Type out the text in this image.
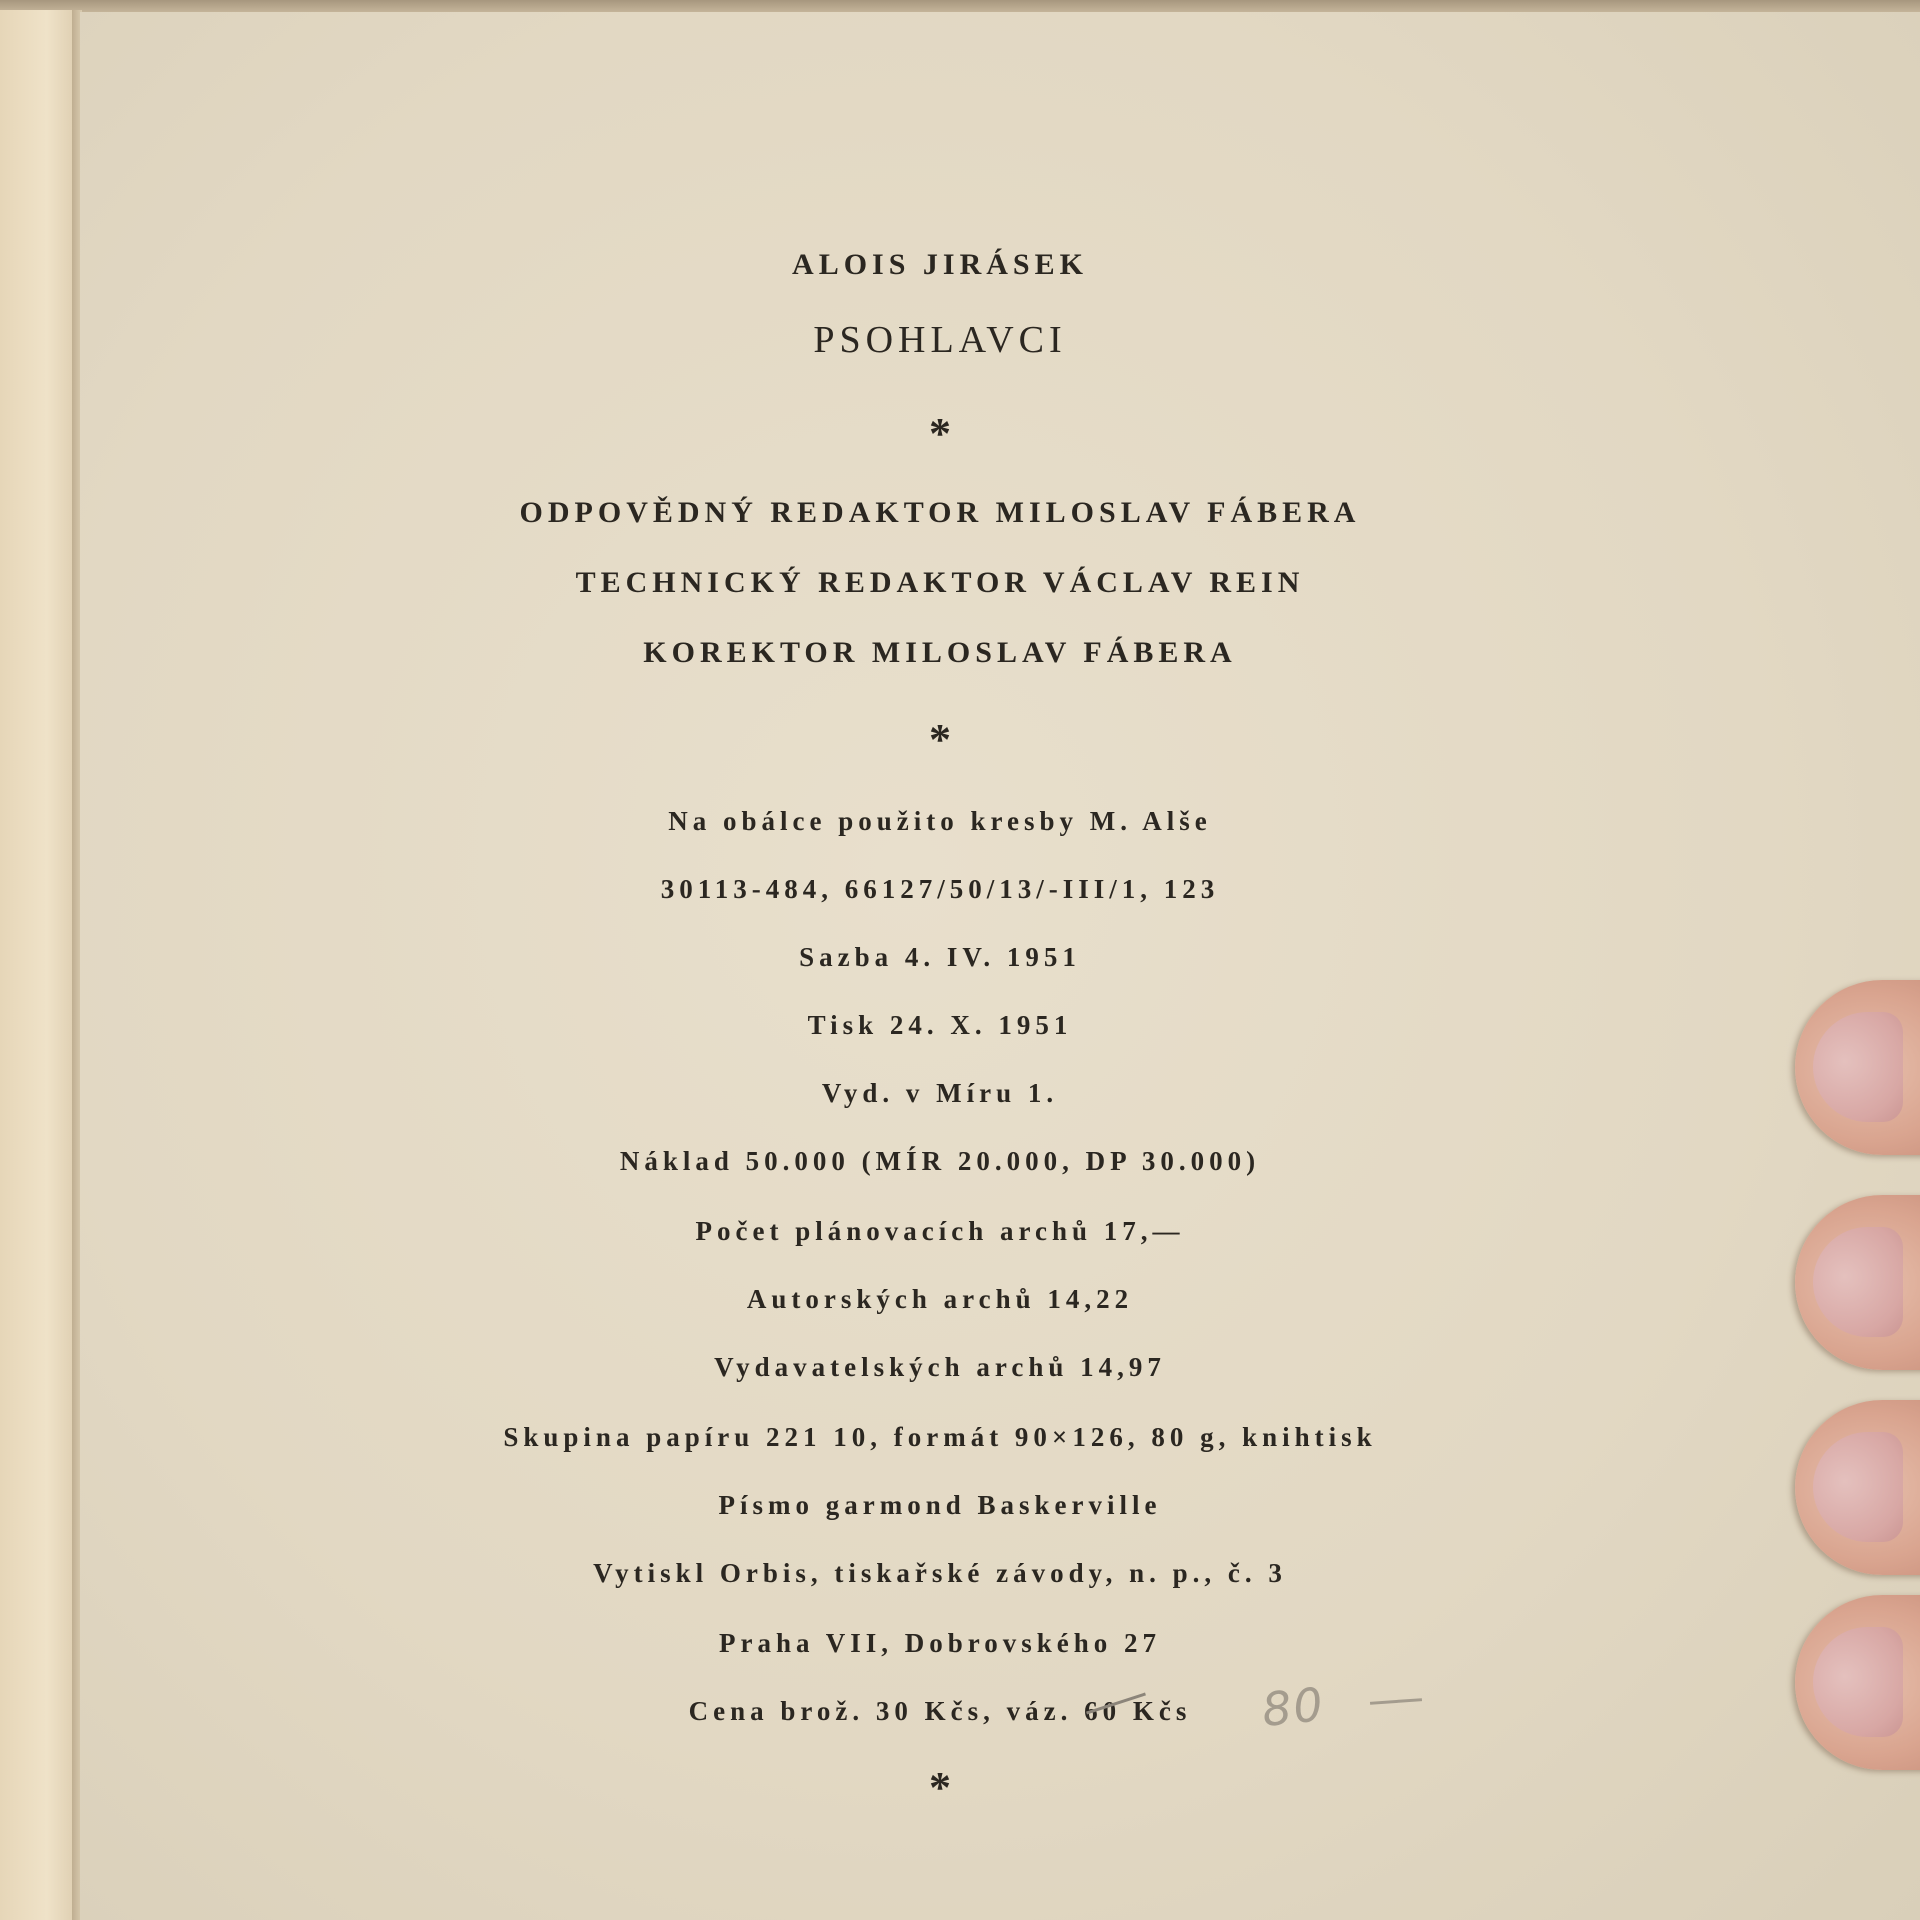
ALOIS JIRÁSEK
PSOHLAVCI
*
ODPOVĚDNÝ REDAKTOR MILOSLAV FÁBERA
TECHNICKÝ REDAKTOR VÁCLAV REIN
KOREKTOR MILOSLAV FÁBERA
*
Na obálce použito kresby M. Alše
30113-484, 66127/50/13/-III/1, 123
Sazba 4. IV. 1951
Tisk 24. X. 1951
Vyd. v Míru 1.
Náklad 50.000 (MÍR 20.000, DP 30.000)
Počet plánovacích archů 17,—
Autorských archů 14,22
Vydavatelských archů 14,97
Skupina papíru 221 10, formát 90×126, 80 g, knihtisk
Písmo garmond Baskerville
Vytiskl Orbis, tiskařské závody, n. p., č. 3
Praha VII, Dobrovského 27
Cena brož. 30 Kčs, váz. 60 Kčs
*
80
